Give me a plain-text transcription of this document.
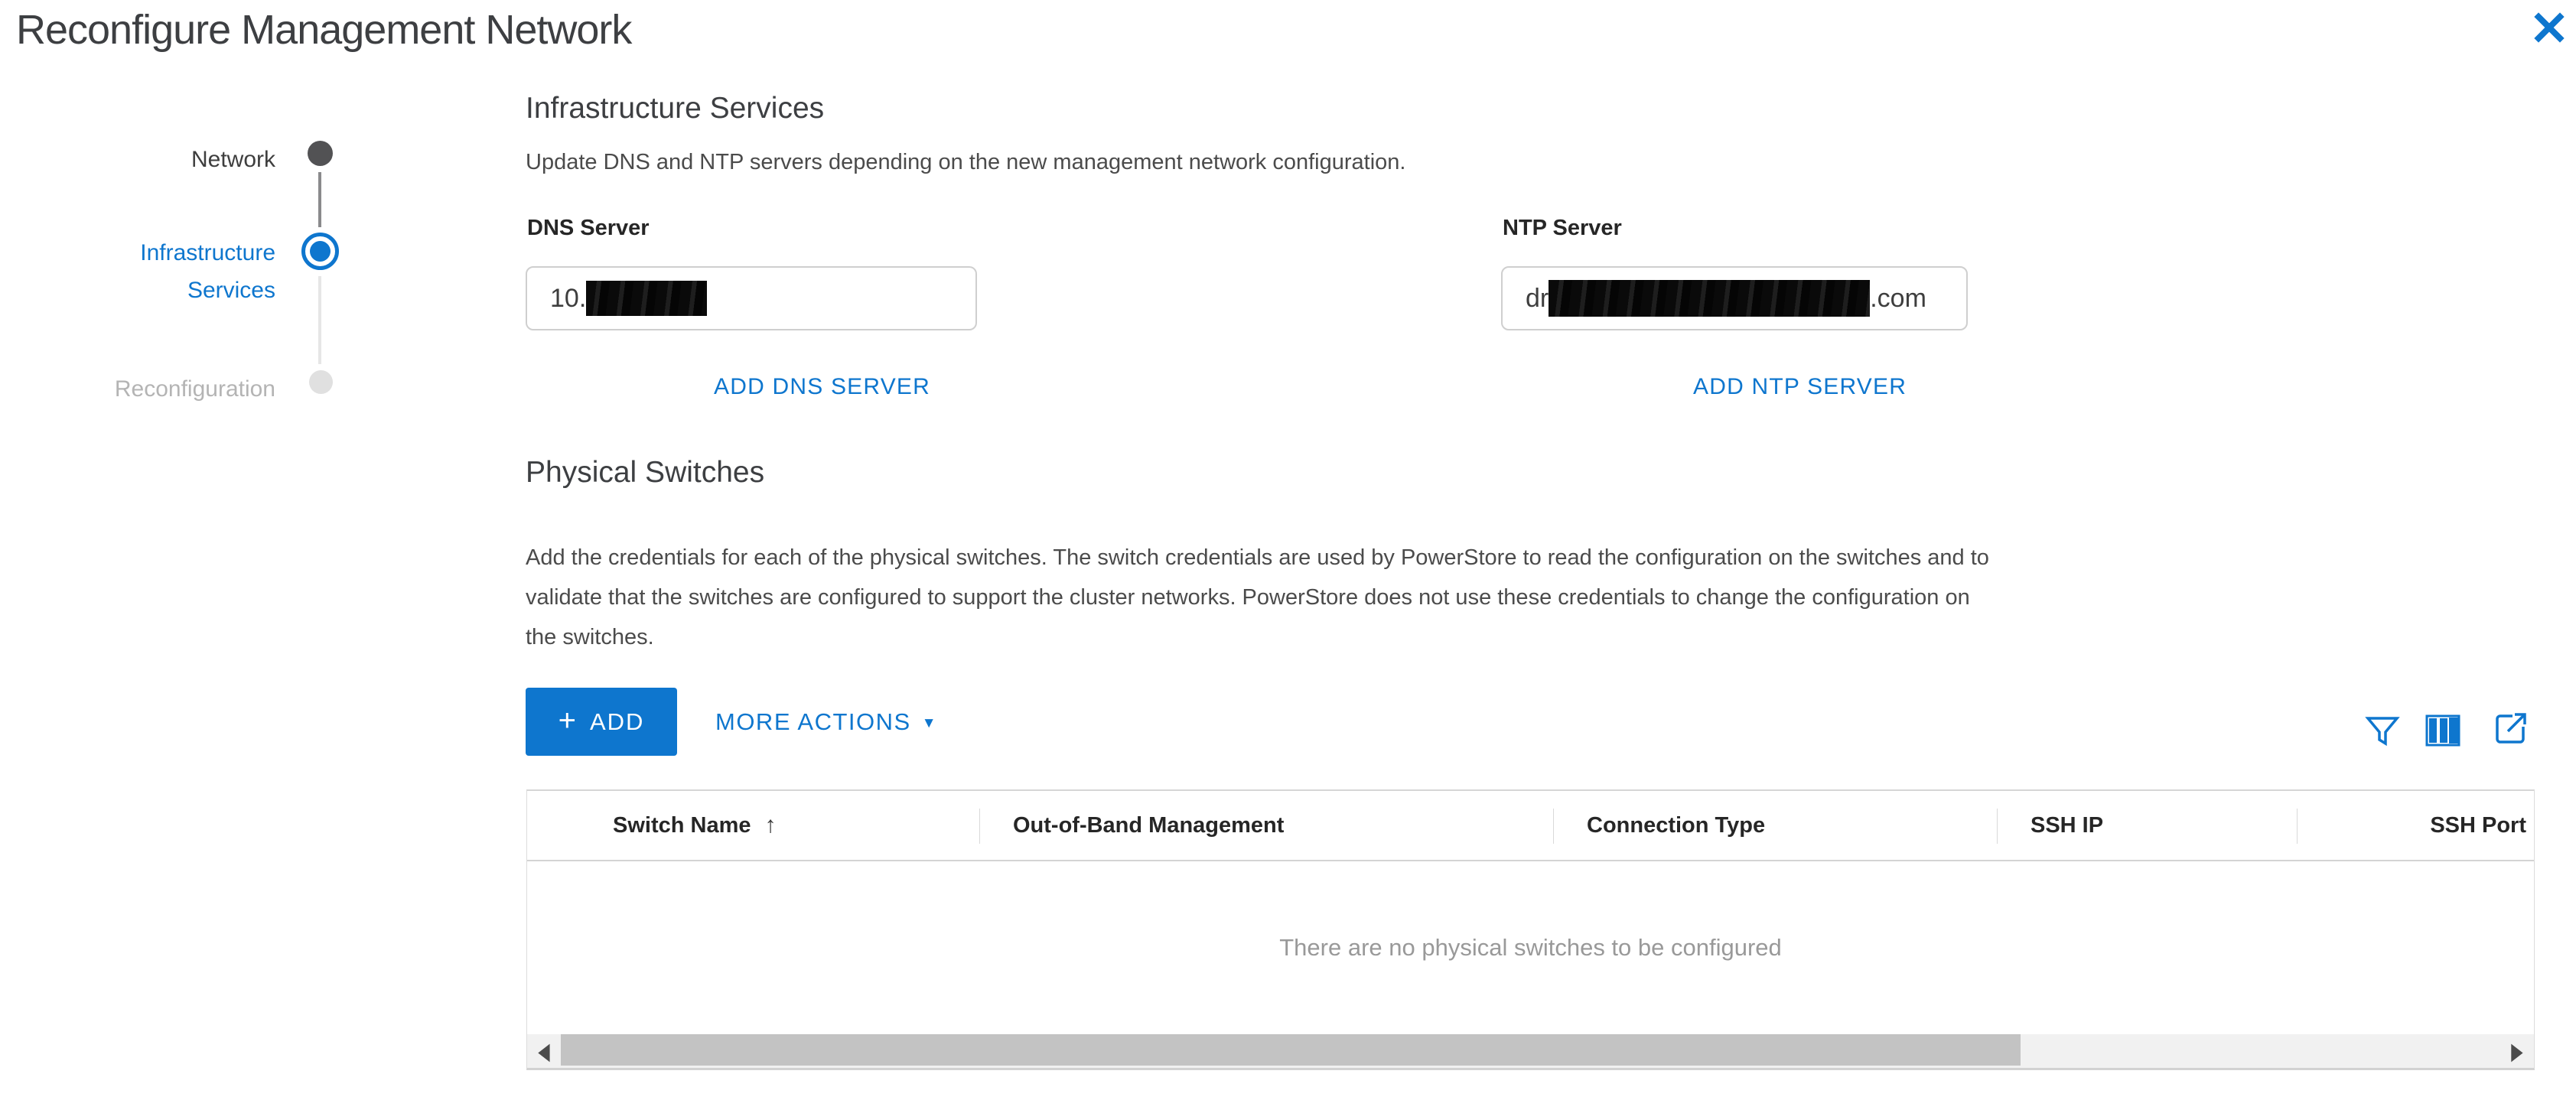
Reconfigure Management Network
Network
Infrastructure Services
Reconfiguration
Infrastructure Services
Update DNS and NTP servers depending on the new management network configuration.
DNS Server
10.
NTP Server
dr	.com
ADD DNS SERVER	ADD NTP SERVER
Physical Switches
Add the credentials for each of the physical switches. The switch credentials are used by PowerStore to read the configuration on the switches and to validate that the switches are configured to support the cluster networks. PowerStore does not use these credentials to change the configuration on the switches.
+ ADD	MORE ACTIONS ▼
Switch Name ↑	Out-of-Band Management	Connection Type	SSH IP	SSH Port
There are no physical switches to be configured
◀	▶
